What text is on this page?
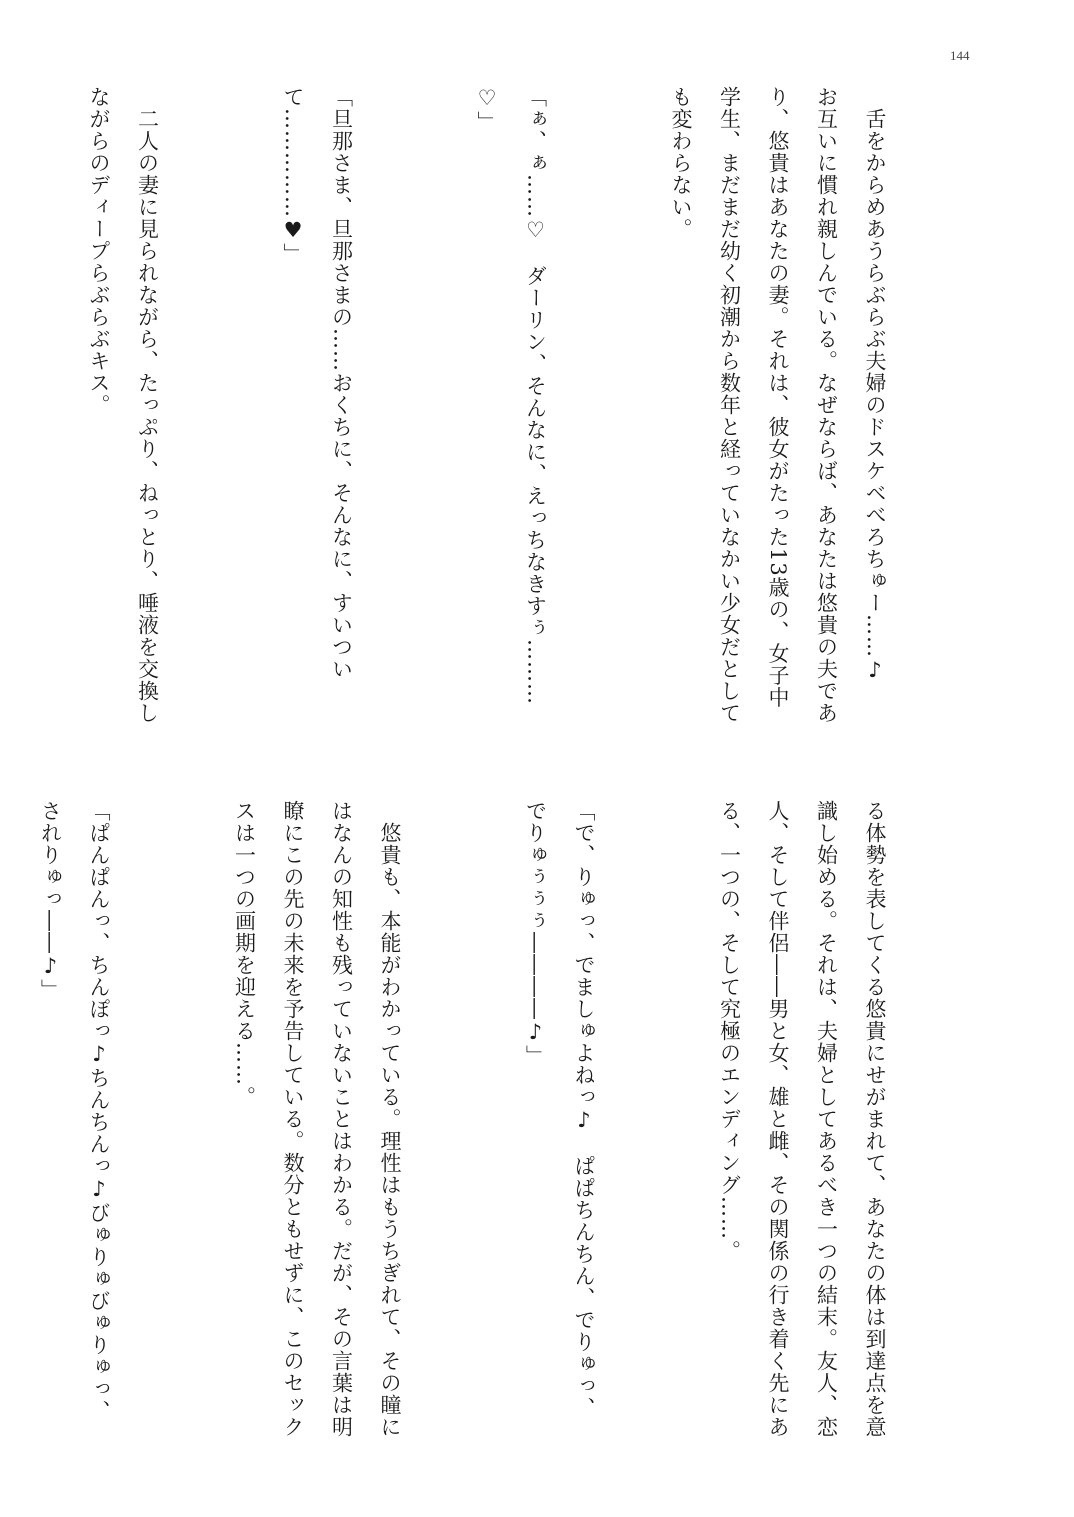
144

　舌をからめあうらぶらぶ夫婦のドスケベべろちゅー……♪　お互いに慣れ親しんでいる。なぜならば、あなたは悠貴の夫であり、悠貴はあなたの妻。それは、彼女がたった13歳の、女子中学生、まだまだ幼く初潮から数年と経っていなかい少女だとしても変わらない。

「ぁ、ぁ……♡　ダーリン、そんなに、えっちなきすぅ………♡」

「旦那さま、旦那さまの……おくちに、そんなに、すいついて……………♥」

　二人の妻に見られながら、たっぷり、ねっとり、唾液を交換しながらのディープらぶらぶキス。

る体勢を表してくる悠貴にせがまれて、あなたの体は到達点を意識し始める。それは、夫婦としてあるべき一つの結末。友人、恋人、そして伴侶――男と女、雄と雌、その関係の行き着く先にある、一つの、そして究極のエンディング……。

「で、りゅっ、でましゅよねっ♪　ぱぱちんちん、でりゅっ、でりゅぅぅぅ――――♪」

　悠貴も、本能がわかっている。理性はもうちぎれて、その瞳にはなんの知性も残っていないことはわかる。だが、その言葉は明瞭にこの先の未来を予告している。数分ともせずに、このセックスは一つの画期を迎える……。

「ぱんぱんっ、ちんぽっ♪ちんちんっ♪びゅりゅびゅりゅっ、されりゅっ――♪」
